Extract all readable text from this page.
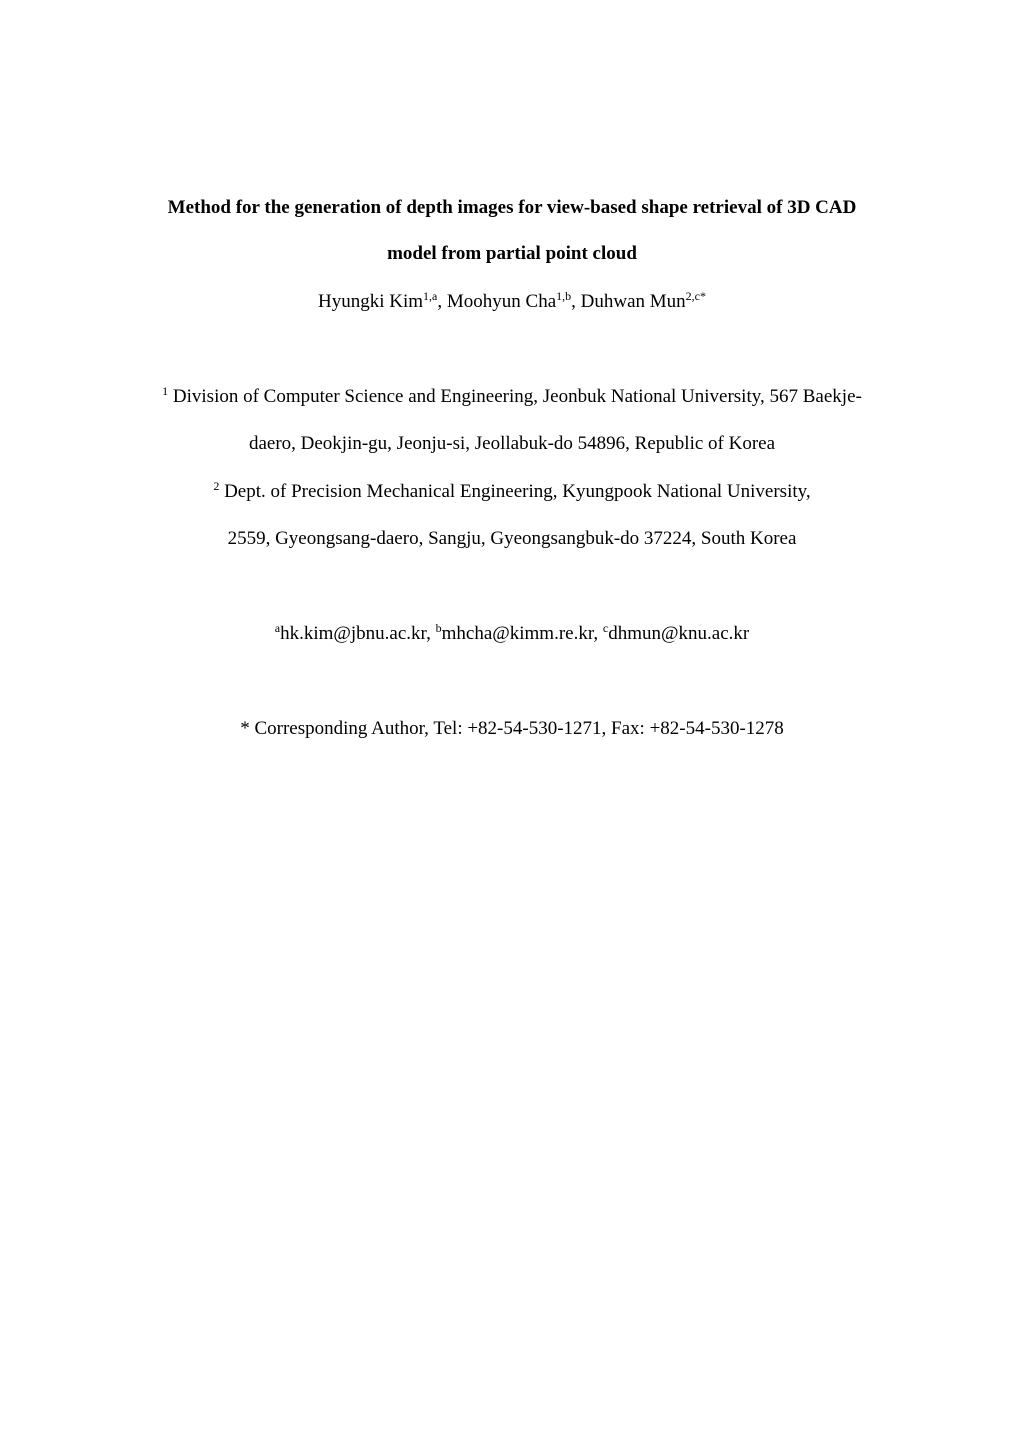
Method for the generation of depth images for view-based shape retrieval of 3D CAD
model from partial point cloud
Hyungki Kim$^{1,a}$, Moohyun Cha$^{1,b}$, Duhwan Mun$^{2,c*}$
$^1$ Division of Computer Science and Engineering, Jeonbuk National University, 567 Baekje-
daero, Deokjin-gu, Jeonju-si, Jeollabuk-do 54896, Republic of Korea
$^2$ Dept. of Precision Mechanical Engineering, Kyungpook National University,
2559, Gyeongsang-daero, Sangju, Gyeongsangbuk-do 37224, South Korea
$^a$hk.kim@jbnu.ac.kr, $^b$mhcha@kimm.re.kr, $^c$dhmun@knu.ac.kr
* Corresponding Author, Tel: +82-54-530-1271, Fax: +82-54-530-1278
